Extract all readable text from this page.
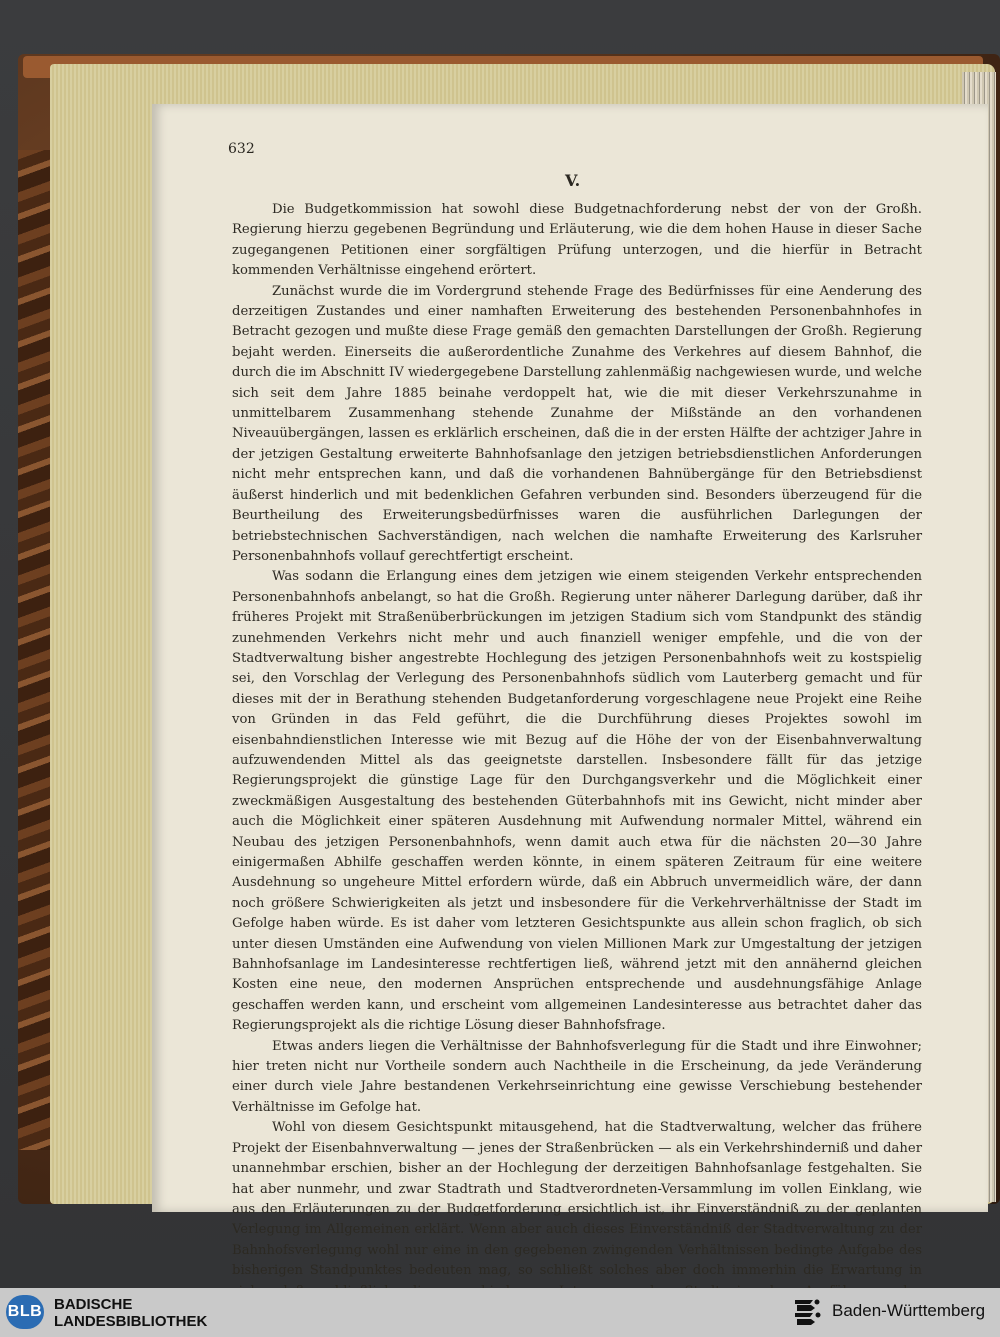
632
V.

Die Budgetkommission hat sowohl diese Budgetnachforderung nebst der von der Großh. Regierung hierzu gegebenen Begründung und Erläuterung, wie die dem hohen Hause in dieser Sache zugegangenen Petitionen einer sorgfältigen Prüfung unterzogen, und die hierfür in Betracht kommenden Verhältnisse eingehend erörtert.

Zunächst wurde die im Vordergrund stehende Frage des Bedürfnisses für eine Aenderung des derzeitigen Zustandes und einer namhaften Erweiterung des bestehenden Personenbahnhofes in Betracht gezogen und mußte diese Frage gemäß den gemachten Darstellungen der Großh. Regierung bejaht werden. Einerseits die außerordentliche Zunahme des Verkehres auf diesem Bahnhof, die durch die im Abschnitt IV wiedergegebene Darstellung zahlenmäßig nachgewiesen wurde, und welche sich seit dem Jahre 1885 beinahe verdoppelt hat, wie die mit dieser Verkehrszunahme in unmittelbarem Zusammenhang stehende Zunahme der Mißstände an den vorhandenen Niveauübergängen, lassen es erklärlich erscheinen, daß die in der ersten Hälfte der achtziger Jahre in der jetzigen Gestaltung erweiterte Bahnhofsanlage den jetzigen betriebsdienstlichen Anforderungen nicht mehr entsprechen kann, und daß die vorhandenen Bahnübergänge für den Betriebsdienst äußerst hinderlich und mit bedenklichen Gefahren verbunden sind. Besonders überzeugend für die Beurtheilung des Erweiterungsbedürfnisses waren die ausführlichen Darlegungen der betriebstechnischen Sachverständigen, nach welchen die namhafte Erweiterung des Karlsruher Personenbahnhofs vollauf gerechtfertigt erscheint.

Was sodann die Erlangung eines dem jetzigen wie einem steigenden Verkehr entsprechenden Personenbahnhofs anbelangt, so hat die Großh. Regierung unter näherer Darlegung darüber, daß ihr früheres Projekt mit Straßenüberbrückungen im jetzigen Stadium sich vom Standpunkt des ständig zunehmenden Verkehrs nicht mehr und auch finanziell weniger empfehle, und die von der Stadtverwaltung bisher angestrebte Hochlegung des jetzigen Personenbahnhofs weit zu kostspielig sei, den Vorschlag der Verlegung des Personenbahnhofs südlich vom Lauterberg gemacht und für dieses mit der in Berathung stehenden Budgetanforderung vorgeschlagene neue Projekt eine Reihe von Gründen in das Feld geführt, die die Durchführung dieses Projektes sowohl im eisenbahndienstlichen Interesse wie mit Bezug auf die Höhe der von der Eisenbahnverwaltung aufzuwendenden Mittel als das geeignetste darstellen. Insbesondere fällt für das jetzige Regierungsprojekt die günstige Lage für den Durchgangsverkehr und die Möglichkeit einer zweckmäßigen Ausgestaltung des bestehenden Güterbahnhofs mit ins Gewicht, nicht minder aber auch die Möglichkeit einer späteren Ausdehnung mit Aufwendung normaler Mittel, während ein Neubau des jetzigen Personenbahnhofs, wenn damit auch etwa für die nächsten 20—30 Jahre einigermaßen Abhilfe geschaffen werden könnte, in einem späteren Zeitraum für eine weitere Ausdehnung so ungeheure Mittel erfordern würde, daß ein Abbruch unvermeidlich wäre, der dann noch größere Schwierigkeiten als jetzt und insbesondere für die Verkehrverhältnisse der Stadt im Gefolge haben würde. Es ist daher vom letzteren Gesichtspunkte aus allein schon fraglich, ob sich unter diesen Umständen eine Aufwendung von vielen Millionen Mark zur Umgestaltung der jetzigen Bahnhofsanlage im Landesinteresse rechtfertigen ließ, während jetzt mit den annähernd gleichen Kosten eine neue, den modernen Ansprüchen entsprechende und ausdehnungsfähige Anlage geschaffen werden kann, und erscheint vom allgemeinen Landesinteresse aus betrachtet daher das Regierungsprojekt als die richtige Lösung dieser Bahnhofsfrage.

Etwas anders liegen die Verhältnisse der Bahnhofsverlegung für die Stadt und ihre Einwohner; hier treten nicht nur Vortheile sondern auch Nachtheile in die Erscheinung, da jede Veränderung einer durch viele Jahre bestandenen Verkehrseinrichtung eine gewisse Verschiebung bestehender Verhältnisse im Gefolge hat.

Wohl von diesem Gesichtspunkt mitausgehend, hat die Stadtverwaltung, welcher das frühere Projekt der Eisenbahnverwaltung — jenes der Straßenbrücken — als ein Verkehrshinderniß und daher unannehmbar erschien, bisher an der Hochlegung der derzeitigen Bahnhofsanlage festgehalten. Sie hat aber nunmehr, und zwar Stadtrath und Stadtverordneten-Versammlung im vollen Einklang, wie aus den Erläuterungen zu der Budgetforderung ersichtlich ist, ihr Einverständniß zu der geplanten Verlegung im Allgemeinen erklärt. Wenn aber auch dieses Einverständniß der Stadtverwaltung zu der Bahnhofsverlegung wohl nur eine in den gegebenen zwingenden Verhältnissen bedingte Aufgabe des bisherigen Standpunktes bedeuten mag, so schließt solches aber doch immerhin die Erwartung in

BLB BADISCHE
LANDESBIBLIOTHEK
Baden-Württemberg
